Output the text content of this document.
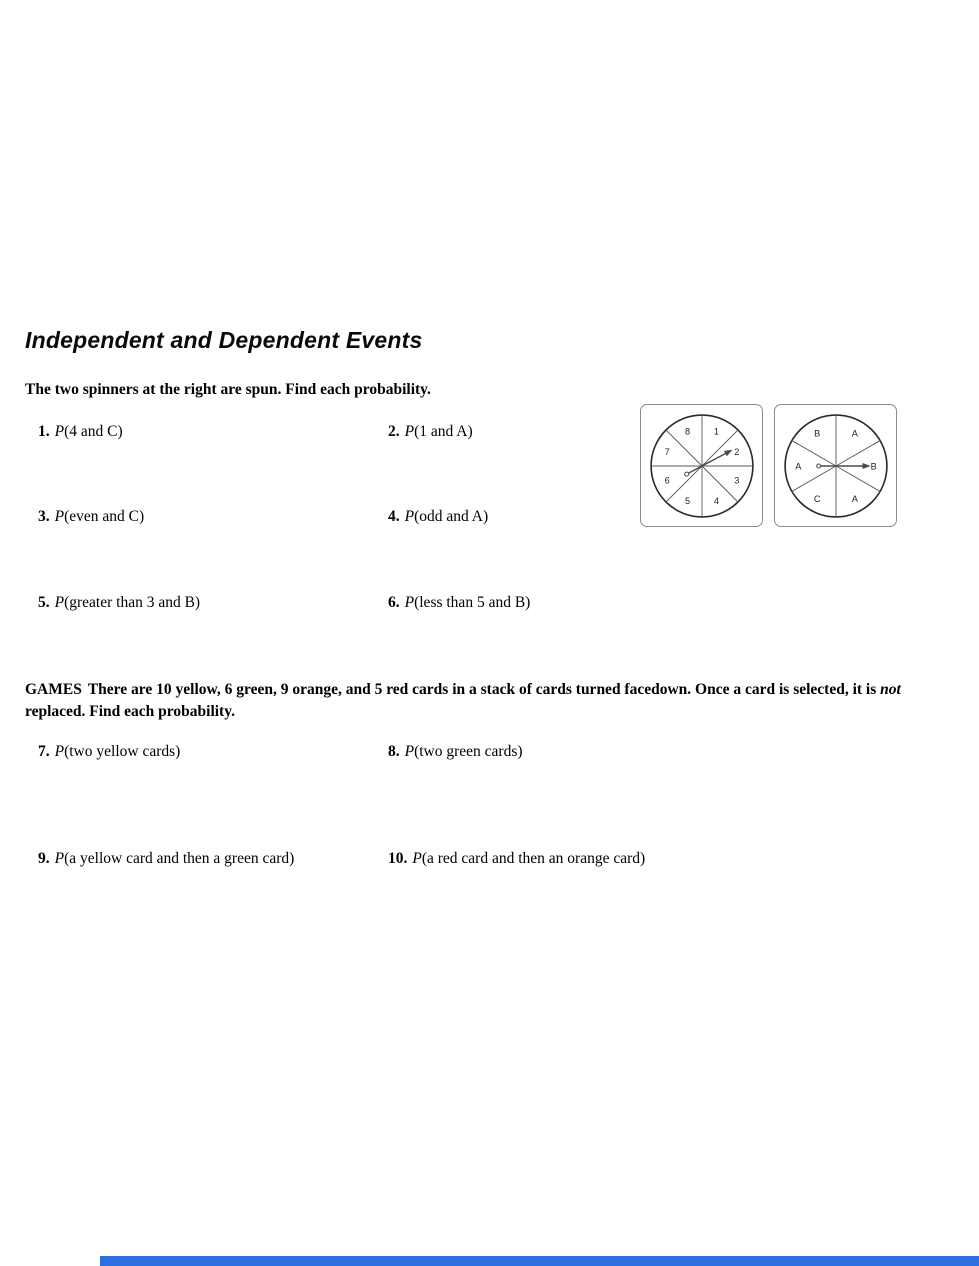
Independent and Dependent Events

The two spinners at the right are spun. Find each probability.

1
2
3
4
5
6
7
8	A
B
A
C
A
B
1. P(4 and C)	2. P(1 and A)
3. P(even and C)	4. P(odd and A)
5. P(greater than 3 and B)	6. P(less than 5 and B)

GAMES There are 10 yellow, 6 green, 9 orange, and 5 red cards in a stack of cards turned facedown. Once a card is selected, it is not replaced. Find each probability.

7. P(two yellow cards)	8. P(two green cards)
9. P(a yellow card and then a green card)	10. P(a red card and then an orange card)
